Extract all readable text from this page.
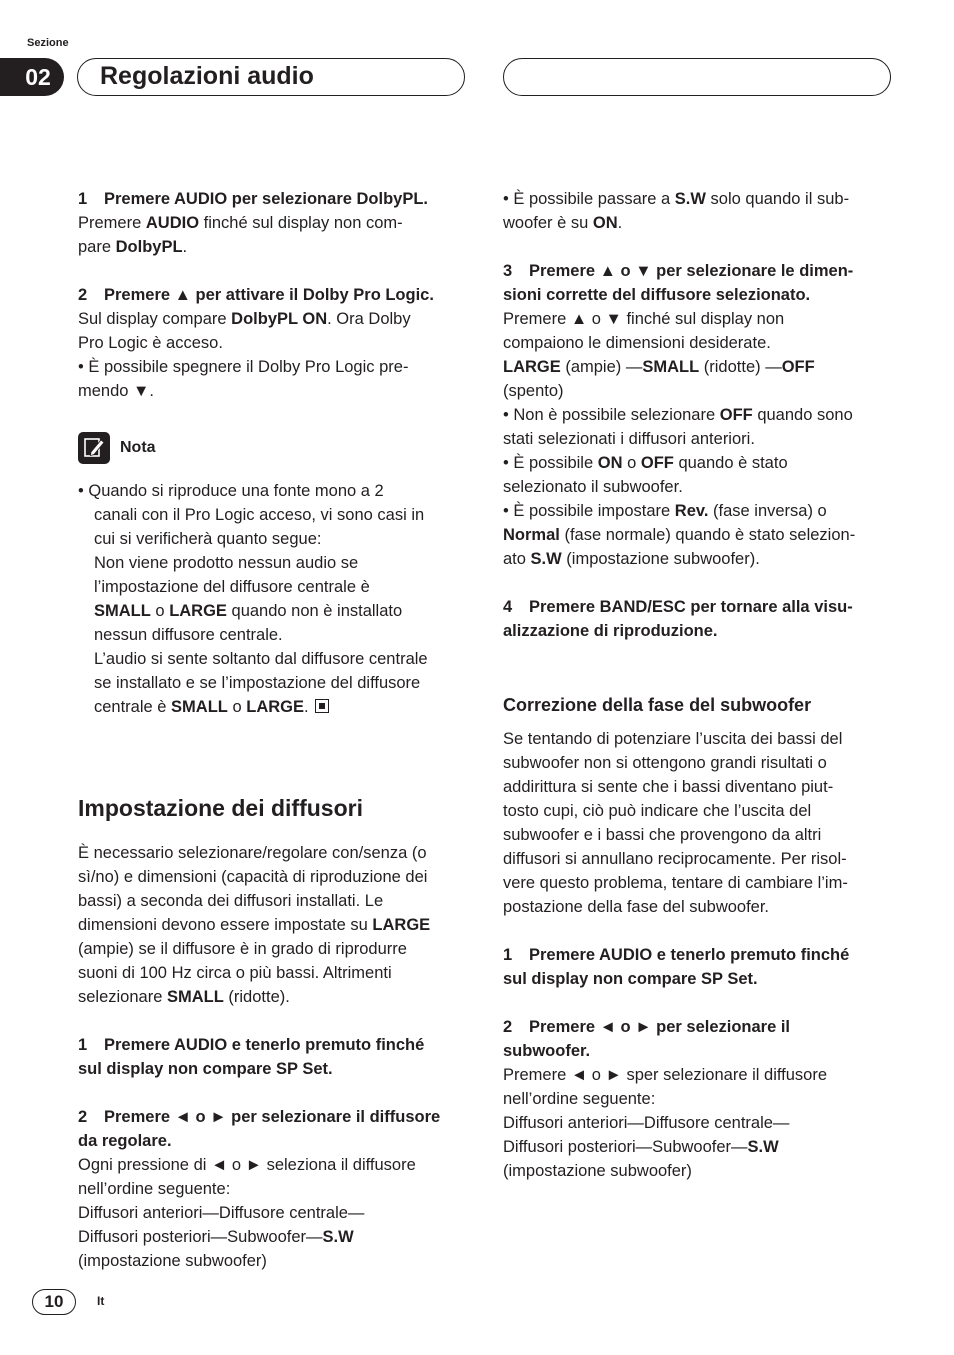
Sezione
02	Regolazioni audio

1 Premere AUDIO per selezionare DolbyPL.

Premere AUDIO finché sul display non com-

pare DolbyPL.

2 Premere ▲ per attivare il Dolby Pro Logic.

Sul display compare DolbyPL ON. Ora Dolby

Pro Logic è acceso.

• È possibile spegnere il Dolby Pro Logic pre-

mendo ▼.

Nota

• Quando si riproduce una fonte mono a 2

canali con il Pro Logic acceso, vi sono casi in

cui si verificherà quanto segue:

Non viene prodotto nessun audio se

l’impostazione del diffusore centrale è

SMALL o LARGE quando non è installato

nessun diffusore centrale.

L’audio si sente soltanto dal diffusore centrale

se installato e se l’impostazione del diffusore

centrale è SMALL o LARGE.

Impostazione dei diffusori

È necessario selezionare/regolare con/senza (o

sì/no) e dimensioni (capacità di riproduzione dei

bassi) a seconda dei diffusori installati. Le

dimensioni devono essere impostate su LARGE

(ampie) se il diffusore è in grado di riprodurre

suoni di 100 Hz circa o più bassi. Altrimenti

selezionare SMALL (ridotte).

1 Premere AUDIO e tenerlo premuto finché

sul display non compare SP Set.

2 Premere ◄ o ► per selezionare il diffusore

da regolare.

Ogni pressione di ◄ o ► seleziona il diffusore

nell’ordine seguente:

Diffusori anteriori—Diffusore centrale—

Diffusori posteriori—Subwoofer—S.W

(impostazione subwoofer)

• È possibile passare a S.W solo quando il sub-

woofer è su ON.

3 Premere ▲ o ▼ per selezionare le dimen-

sioni corrette del diffusore selezionato.

Premere ▲ o ▼ finché sul display non

compaiono le dimensioni desiderate.

LARGE (ampie) —SMALL (ridotte) —OFF

(spento)

• Non è possibile selezionare OFF quando sono

stati selezionati i diffusori anteriori.

• È possibile ON o OFF quando è stato

selezionato il subwoofer.

• È possibile impostare Rev. (fase inversa) o

Normal (fase normale) quando è stato selezion-

ato S.W (impostazione subwoofer).

4 Premere BAND/ESC per tornare alla visu-

alizzazione di riproduzione.

Correzione della fase del subwoofer

Se tentando di potenziare l’uscita dei bassi del

subwoofer non si ottengono grandi risultati o

addirittura si sente che i bassi diventano piut-

tosto cupi, ciò può indicare che l’uscita del

subwoofer e i bassi che provengono da altri

diffusori si annullano reciprocamente. Per risol-

vere questo problema, tentare di cambiare l’im-

postazione della fase del subwoofer.

1 Premere AUDIO e tenerlo premuto finché

sul display non compare SP Set.

2 Premere ◄ o ► per selezionare il

subwoofer.

Premere ◄ o ► sper selezionare il diffusore

nell’ordine seguente:

Diffusori anteriori—Diffusore centrale—

Diffusori posteriori—Subwoofer—S.W

(impostazione subwoofer)

10	It
